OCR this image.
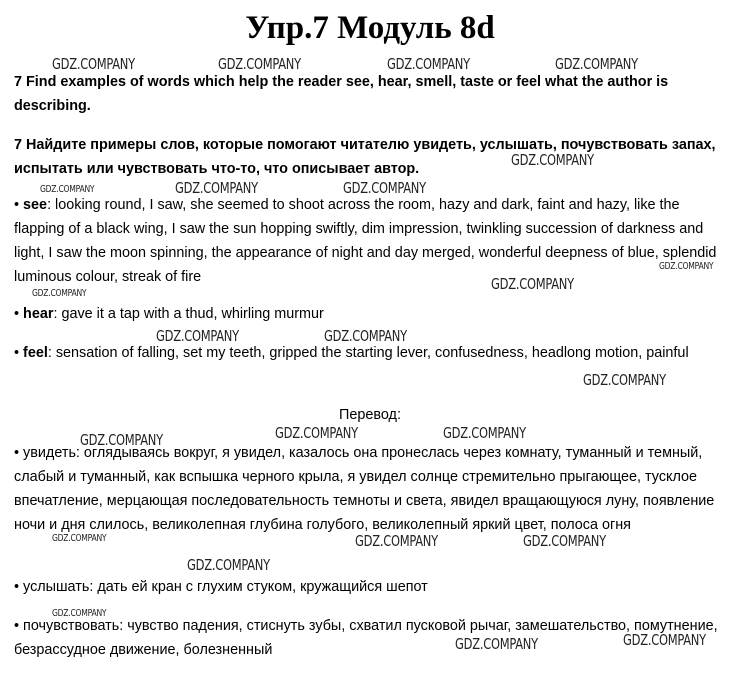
Упр.7 Модуль 8d
7 Find examples of words which help the reader see, hear, smell, taste or feel what the author is describing.
7 Найдите примеры слов, которые помогают читателю увидеть, услышать, почувствовать запах, испытать или чувствовать что-то, что описывает автор.
• see: looking round, I saw, she seemed to shoot across the room, hazy and dark, faint and hazy, like the flapping of a black wing, I saw the sun hopping swiftly, dim impression, twinkling succession of darkness and light, I saw the moon spinning, the appearance of night and day merged, wonderful deepness of blue, splendid luminous colour, streak of fire
• hear: gave it a tap with a thud, whirling murmur
• feel: sensation of falling, set my teeth, gripped the starting lever, confusedness, headlong motion, painful
Перевод:
• увидеть: оглядываясь вокруг, я увидел, казалось она пронеслась через комнату, туманный и темный, слабый и туманный, как вспышка черного крыла, я увидел солнце стремительно прыгающее, тусклое впечатление, мерцающая последовательность темноты и света, явидел вращающуюся луну, появление ночи и дня слилось, великолепная глубина голубого, великолепный яркий цвет, полоса огня
• услышать: дать ей кран с глухим стуком, кружащийся шепот
• почувствовать: чувство падения, стиснуть зубы, схватил пусковой рычаг, замешательство, помутнение, безрассудное движение, болезненный
GDZ.COMPANY	GDZ.COMPANY	GDZ.COMPANY	GDZ.COMPANY
GDZ.COMPANY
GDZ.COMPANY	GDZ.COMPANY	GDZ.COMPANY
GDZ.COMPANY
GDZ.COMPANY
GDZ.COMPANY
GDZ.COMPANY	GDZ.COMPANY
GDZ.COMPANY
GDZ.COMPANY	GDZ.COMPANY	GDZ.COMPANY
GDZ.COMPANY	GDZ.COMPANY	GDZ.COMPANY
GDZ.COMPANY
GDZ.COMPANY
GDZ.COMPANY
GDZ.COMPANY
